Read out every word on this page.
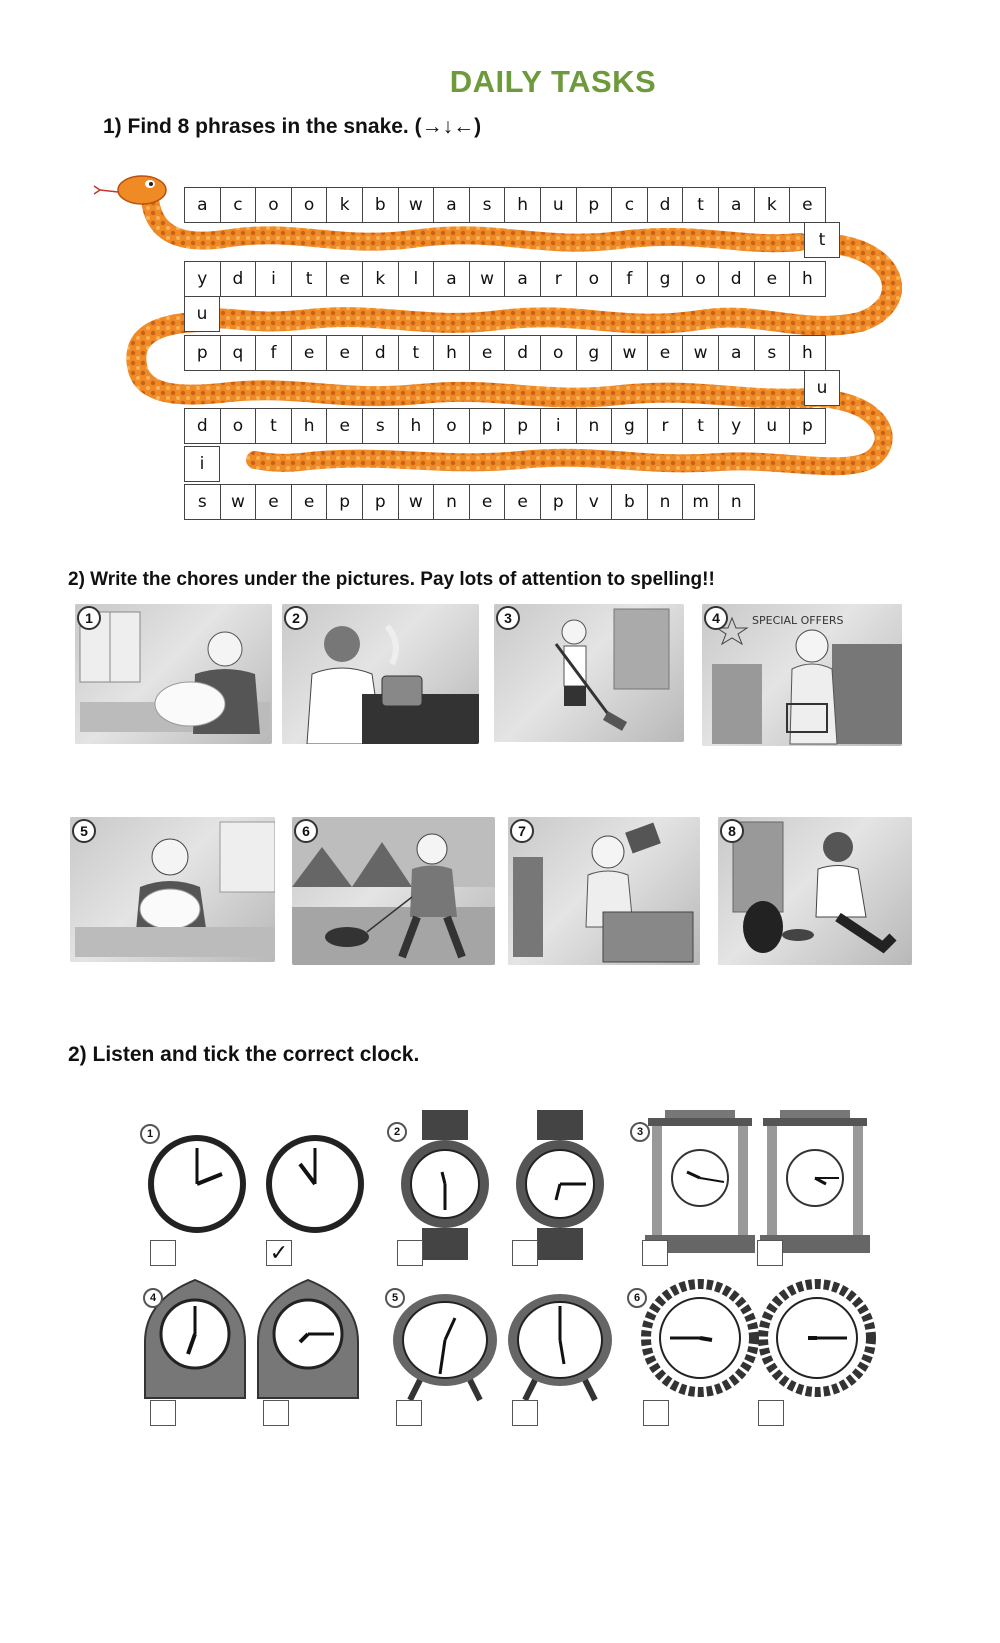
DAILY TASKS
1) Find 8 phrases in the snake. (→↓←)
a	c	o	o	k	b	w	a	s	h	u	p	c	d	t	a	k	e
t
y	d	i	t	e	k	l	a	w	a	r	o	f	g	o	d	e	h
u
p	q	f	e	e	d	t	h	e	d	o	g	w	e	w	a	s	h
u
d	o	t	h	e	s	h	o	p	p	i	n	g	r	t	y	u	p
i
s	w	e	e	p	p	w	n	e	e	p	v	b	n	m	n
2) Write the chores under the pictures. Pay lots of attention to spelling!!
1	2	3	SPECIAL OFFERS
4
5	6	7	8
2) Listen and tick the correct clock.
1	2	3
4	5	6
✓
